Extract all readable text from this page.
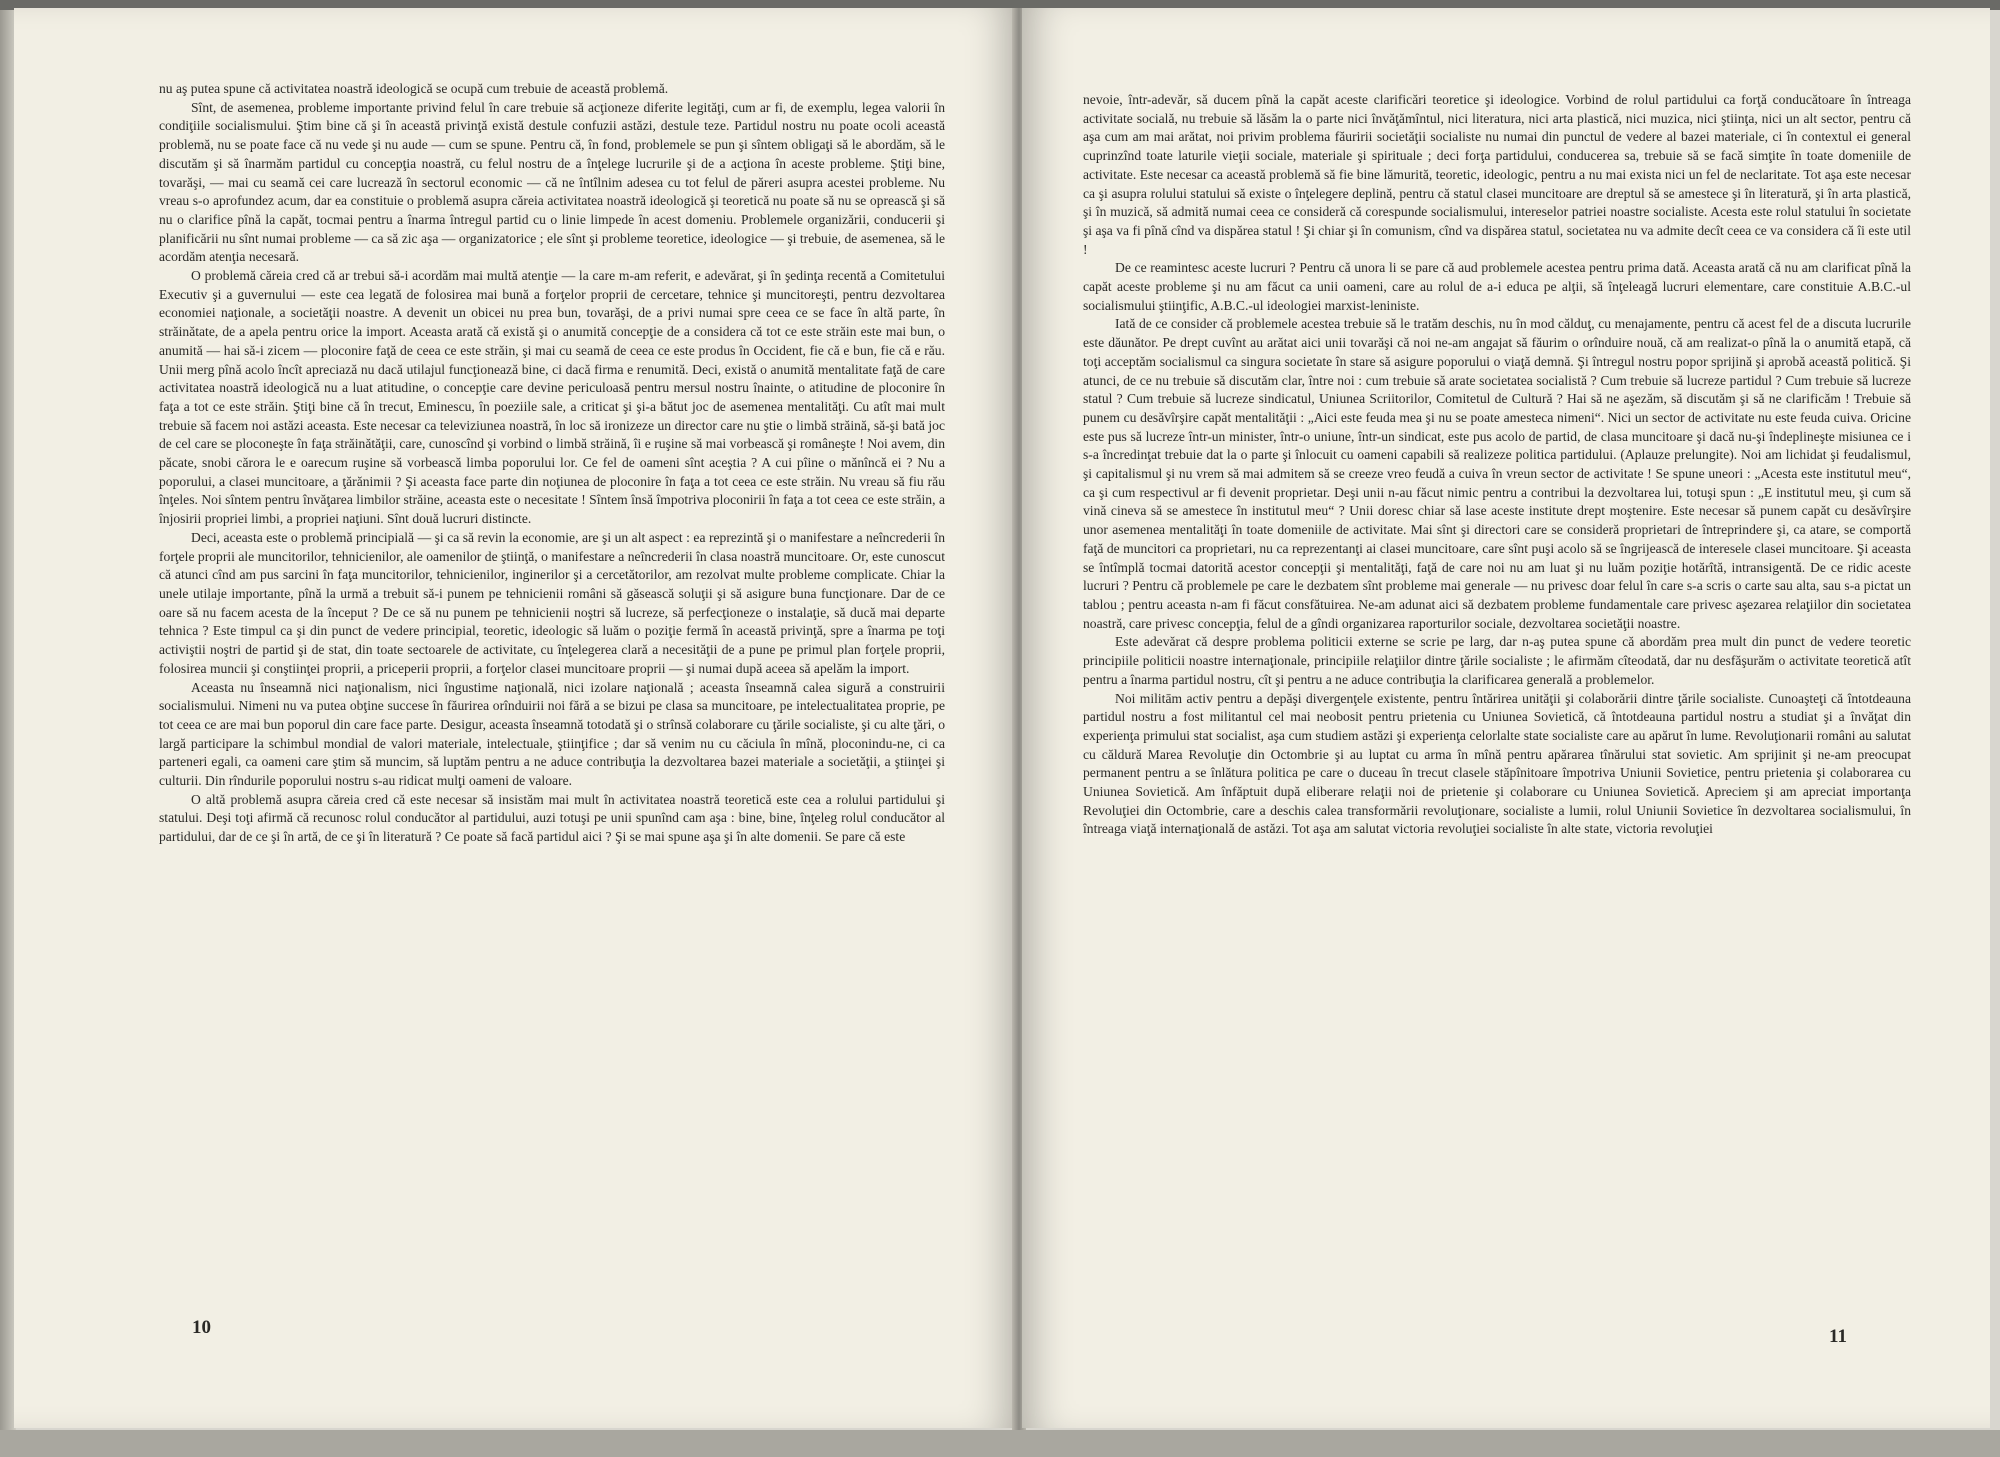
nu aş putea spune că activitatea noastră ideologică se ocupă cum trebuie de această problemă.

Sînt, de asemenea, probleme importante privind felul în care trebuie să acţioneze diferite legităţi, cum ar fi, de exemplu, legea valorii în condiţiile socialismului. Ştim bine că şi în această privinţă există destule confuzii astăzi, destule teze. Partidul nostru nu poate ocoli această problemă, nu se poate face că nu vede şi nu aude — cum se spune. Pentru că, în fond, problemele se pun şi sîntem obligaţi să le abordăm, să le discutăm şi să înarmăm partidul cu concepţia noastră, cu felul nostru de a înţelege lucrurile şi de a acţiona în aceste probleme. Ştiţi bine, tovarăşi, — mai cu seamă cei care lucrează în sectorul economic — că ne întîlnim adesea cu tot felul de păreri asupra acestei probleme. Nu vreau s-o aprofundez acum, dar ea constituie o problemă asupra căreia activitatea noastră ideologică şi teoretică nu poate să nu se oprească şi să nu o clarifice pînă la capăt, tocmai pentru a înarma întregul partid cu o linie limpede în acest domeniu. Problemele organizării, conducerii şi planificării nu sînt numai probleme — ca să zic aşa — organizatorice ; ele sînt şi probleme teoretice, ideologice — şi trebuie, de asemenea, să le acordăm atenţia necesară.

O problemă căreia cred că ar trebui să-i acordăm mai multă atenţie — la care m-am referit, e adevărat, şi în şedinţa recentă a Comitetului Executiv şi a guvernului — este cea legată de folosirea mai bună a forţelor proprii de cercetare, tehnice şi muncitoreşti, pentru dezvoltarea economiei naţionale, a societăţii noastre. A devenit un obicei nu prea bun, tovarăşi, de a privi numai spre ceea ce se face în altă parte, în străinătate, de a apela pentru orice la import. Aceasta arată că există şi o anumită concepţie de a considera că tot ce este străin este mai bun, o anumită — hai să-i zicem — ploconire faţă de ceea ce este străin, şi mai cu seamă de ceea ce este produs în Occident, fie că e bun, fie că e rău. Unii merg pînă acolo încît apreciază nu dacă utilajul funcţionează bine, ci dacă firma e renumită. Deci, există o anumită mentalitate faţă de care activitatea noastră ideologică nu a luat atitudine, o concepţie care devine periculoasă pentru mersul nostru înainte, o atitudine de ploconire în faţa a tot ce este străin. Ştiţi bine că în trecut, Eminescu, în poeziile sale, a criticat şi şi-a bătut joc de asemenea mentalităţi. Cu atît mai mult trebuie să facem noi astăzi aceasta. Este necesar ca televiziunea noastră, în loc să ironizeze un director care nu ştie o limbă străină, să-şi bată joc de cel care se ploconeşte în faţa străinătăţii, care, cunoscînd şi vorbind o limbă străină, îi e ruşine să mai vorbească şi româneşte ! Noi avem, din păcate, snobi cărora le e oarecum ruşine să vorbească limba poporului lor. Ce fel de oameni sînt aceştia ? A cui pîine o mănîncă ei ? Nu a poporului, a clasei muncitoare, a ţărănimii ? Şi aceasta face parte din noţiunea de ploconire în faţa a tot ceea ce este străin. Nu vreau să fiu rău înţeles. Noi sîntem pentru învăţarea limbilor străine, aceasta este o necesitate ! Sîntem însă împotriva ploconirii în faţa a tot ceea ce este străin, a înjosirii propriei limbi, a propriei naţiuni. Sînt două lucruri distincte.

Deci, aceasta este o problemă principială — şi ca să revin la economie, are şi un alt aspect : ea reprezintă şi o manifestare a neîncrederii în forţele proprii ale muncitorilor, tehnicienilor, ale oamenilor de ştiinţă, o manifestare a neîncrederii în clasa noastră muncitoare. Or, este cunoscut că atunci cînd am pus sarcini în faţa muncitorilor, tehnicienilor, inginerilor şi a cercetătorilor, am rezolvat multe probleme complicate. Chiar la unele utilaje importante, pînă la urmă a trebuit să-i punem pe tehnicienii români să găsească soluţii şi să asigure buna funcţionare. Dar de ce oare să nu facem acesta de la început ? De ce să nu punem pe tehnicienii noştri să lucreze, să perfecţioneze o instalaţie, să ducă mai departe tehnica ? Este timpul ca şi din punct de vedere principial, teoretic, ideologic să luăm o poziţie fermă în această privinţă, spre a înarma pe toţi activiştii noştri de partid şi de stat, din toate sectoarele de activitate, cu înţelegerea clară a necesităţii de a pune pe primul plan forţele proprii, folosirea muncii şi conştiinţei proprii, a priceperii proprii, a forţelor clasei muncitoare proprii — şi numai după aceea să apelăm la import.

Aceasta nu înseamnă nici naţionalism, nici îngustime naţională, nici izolare naţională ; aceasta înseamnă calea sigură a construirii socialismului. Nimeni nu va putea obţine succese în făurirea orînduirii noi fără a se bizui pe clasa sa muncitoare, pe intelectualitatea proprie, pe tot ceea ce are mai bun poporul din care face parte. Desigur, aceasta înseamnă totodată şi o strînsă colaborare cu ţările socialiste, şi cu alte ţări, o largă participare la schimbul mondial de valori materiale, intelectuale, ştiinţifice ; dar să venim nu cu căciula în mînă, ploconindu-ne, ci ca parteneri egali, ca oameni care ştim să muncim, să luptăm pentru a ne aduce contribuţia la dezvoltarea bazei materiale a societăţii, a ştiinţei şi culturii. Din rîndurile poporului nostru s-au ridicat mulţi oameni de valoare.

O altă problemă asupra căreia cred că este necesar să insistăm mai mult în activitatea noastră teoretică este cea a rolului partidului şi statului. Deşi toţi afirmă că recunosc rolul conducător al partidului, auzi totuşi pe unii spunînd cam aşa : bine, bine, înţeleg rolul conducător al partidului, dar de ce şi în artă, de ce şi în literatură ? Ce poate să facă partidul aici ? Şi se mai spune aşa şi în alte domenii. Se pare că este

10

nevoie, într-adevăr, să ducem pînă la capăt aceste clarificări teoretice şi ideologice. Vorbind de rolul partidului ca forţă conducătoare în întreaga activitate socială, nu trebuie să lăsăm la o parte nici învăţămîntul, nici literatura, nici arta plastică, nici muzica, nici ştiinţa, nici un alt sector, pentru că aşa cum am mai arătat, noi privim problema făuririi societăţii socialiste nu numai din punctul de vedere al bazei materiale, ci în contextul ei general cuprinzînd toate laturile vieţii sociale, materiale şi spirituale ; deci forţa partidului, conducerea sa, trebuie să se facă simţite în toate domeniile de activitate. Este necesar ca această problemă să fie bine lămurită, teoretic, ideologic, pentru a nu mai exista nici un fel de neclaritate. Tot aşa este necesar ca şi asupra rolului statului să existe o înţelegere deplină, pentru că statul clasei muncitoare are dreptul să se amestece şi în literatură, şi în arta plastică, şi în muzică, să admită numai ceea ce consideră că corespunde socialismului, intereselor patriei noastre socialiste. Acesta este rolul statului în societate şi aşa va fi pînă cînd va dispărea statul ! Şi chiar şi în comunism, cînd va dispărea statul, societatea nu va admite decît ceea ce va considera că îi este util !

De ce reamintesc aceste lucruri ? Pentru că unora li se pare că aud problemele acestea pentru prima dată. Aceasta arată că nu am clarificat pînă la capăt aceste probleme şi nu am făcut ca unii oameni, care au rolul de a-i educa pe alţii, să înţeleagă lucruri elementare, care constituie A.B.C.-ul socialismului ştiinţific, A.B.C.-ul ideologiei marxist-leniniste.

Iată de ce consider că problemele acestea trebuie să le tratăm deschis, nu în mod călduţ, cu menajamente, pentru că acest fel de a discuta lucrurile este dăunător. Pe drept cuvînt au arătat aici unii tovarăşi că noi ne-am angajat să făurim o orînduire nouă, că am realizat-o pînă la o anumită etapă, că toţi acceptăm socialismul ca singura societate în stare să asigure poporului o viaţă demnă. Şi întregul nostru popor sprijină şi aprobă această politică. Şi atunci, de ce nu trebuie să discutăm clar, între noi : cum trebuie să arate societatea socialistă ? Cum trebuie să lucreze partidul ? Cum trebuie să lucreze statul ? Cum trebuie să lucreze sindicatul, Uniunea Scriitorilor, Comitetul de Cultură ? Hai să ne aşezăm, să discutăm şi să ne clarificăm ! Trebuie să punem cu desăvîrşire capăt mentalităţii : „Aici este feuda mea şi nu se poate amesteca nimeni“. Nici un sector de activitate nu este feuda cuiva. Oricine este pus să lucreze într-un minister, într-o uniune, într-un sindicat, este pus acolo de partid, de clasa muncitoare şi dacă nu-şi îndeplineşte misiunea ce i s-a încredinţat trebuie dat la o parte şi înlocuit cu oameni capabili să realizeze politica partidului. (Aplauze prelungite). Noi am lichidat şi feudalismul, şi capitalismul şi nu vrem să mai admitem să se creeze vreo feudă a cuiva în vreun sector de activitate ! Se spune uneori : „Acesta este institutul meu“, ca şi cum respectivul ar fi devenit proprietar. Deşi unii n-au făcut nimic pentru a contribui la dezvoltarea lui, totuşi spun : „E institutul meu, şi cum să vină cineva să se amestece în institutul meu“ ? Unii doresc chiar să lase aceste institute drept moştenire. Este necesar să punem capăt cu desăvîrşire unor asemenea mentalităţi în toate domeniile de activitate. Mai sînt şi directori care se consideră proprietari de întreprindere şi, ca atare, se comportă faţă de muncitori ca proprietari, nu ca reprezentanţi ai clasei muncitoare, care sînt puşi acolo să se îngrijească de interesele clasei muncitoare. Şi aceasta se întîmplă tocmai datorită acestor concepţii şi mentalităţi, faţă de care noi nu am luat şi nu luăm poziţie hotărîtă, intransigentă. De ce ridic aceste lucruri ? Pentru că problemele pe care le dezbatem sînt probleme mai generale — nu privesc doar felul în care s-a scris o carte sau alta, sau s-a pictat un tablou ; pentru aceasta n-am fi făcut consfătuirea. Ne-am adunat aici să dezbatem probleme fundamentale care privesc aşezarea relaţiilor din societatea noastră, care privesc concepţia, felul de a gîndi organizarea raporturilor sociale, dezvoltarea societăţii noastre.

Este adevărat că despre problema politicii externe se scrie pe larg, dar n-aş putea spune că abordăm prea mult din punct de vedere teoretic principiile politicii noastre internaţionale, principiile relaţiilor dintre ţările socialiste ; le afirmăm cîteodată, dar nu desfăşurăm o activitate teoretică atît pentru a înarma partidul nostru, cît şi pentru a ne aduce contribuţia la clarificarea generală a problemelor.

Noi militām activ pentru a depăşi divergenţele existente, pentru întărirea unităţii şi colaborării dintre ţările socialiste. Cunoaşteţi că întotdeauna partidul nostru a fost militantul cel mai neobosit pentru prietenia cu Uniunea Sovietică, că întotdeauna partidul nostru a studiat şi a învăţat din experienţa primului stat socialist, aşa cum studiem astăzi şi experienţa celorlalte state socialiste care au apărut în lume. Revoluţionarii români au salutat cu căldură Marea Revoluţie din Octombrie şi au luptat cu arma în mînă pentru apărarea tînărului stat sovietic. Am sprijinit şi ne-am preocupat permanent pentru a se înlătura politica pe care o duceau în trecut clasele stăpînitoare împotriva Uniunii Sovietice, pentru prietenia şi colaborarea cu Uniunea Sovietică. Am înfăptuit după eliberare relaţii noi de prietenie şi colaborare cu Uniunea Sovietică. Apreciem şi am apreciat importanţa Revoluţiei din Octombrie, care a deschis calea transformării revoluţionare, socialiste a lumii, rolul Uniunii Sovietice în dezvoltarea socialismului, în întreaga viaţă internaţională de astăzi. Tot aşa am salutat victoria revoluţiei socialiste în alte state, victoria revoluţiei

11
